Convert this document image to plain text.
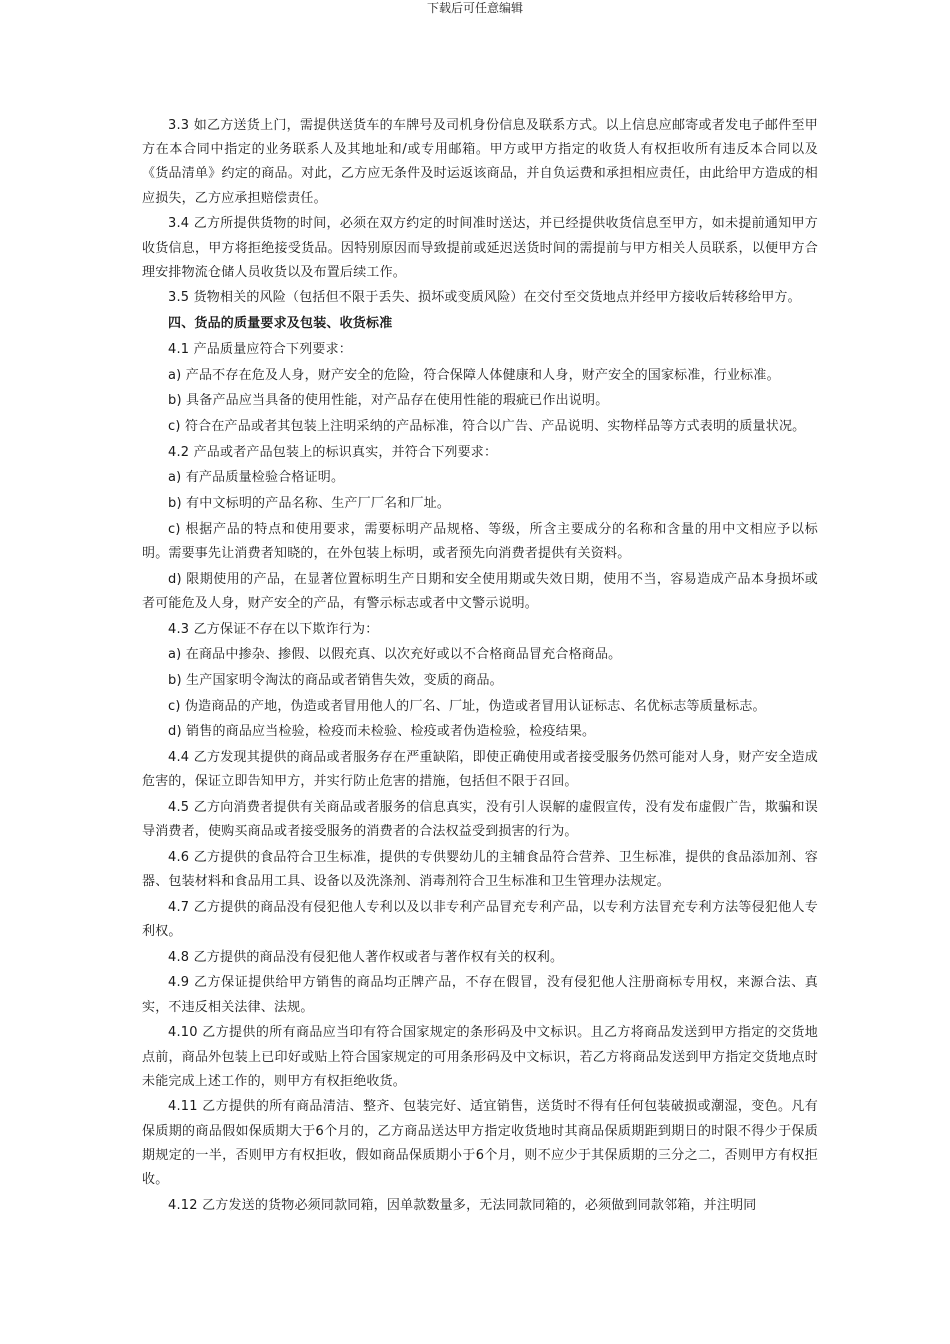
下载后可任意编辑

3.3 如乙方送货上门，需提供送货车的车牌号及司机身份信息及联系方式。以上信息应邮寄或者发电子邮件至甲方在本合同中指定的业务联系人及其地址和/或专用邮箱。甲方或甲方指定的收货人有权拒收所有违反本合同以及《货品清单》约定的商品。对此，乙方应无条件及时运返该商品，并自负运费和承担相应责任，由此给甲方造成的相应损失，乙方应承担赔偿责任。

3.4 乙方所提供货物的时间，必须在双方约定的时间准时送达，并已经提供收货信息至甲方，如未提前通知甲方收货信息，甲方将拒绝接受货品。因特别原因而导致提前或延迟送货时间的需提前与甲方相关人员联系，以便甲方合理安排物流仓储人员收货以及布置后续工作。

3.5 货物相关的风险（包括但不限于丢失、损坏或变质风险）在交付至交货地点并经甲方接收后转移给甲方。

四、货品的质量要求及包装、收货标准

4.1 产品质量应符合下列要求：

a) 产品不存在危及人身，财产安全的危险，符合保障人体健康和人身，财产安全的国家标准，行业标准。

b) 具备产品应当具备的使用性能，对产品存在使用性能的瑕疵已作出说明。

c) 符合在产品或者其包装上注明采纳的产品标准，符合以广告、产品说明、实物样品等方式表明的质量状况。

4.2 产品或者产品包装上的标识真实，并符合下列要求：

a) 有产品质量检验合格证明。

b) 有中文标明的产品名称、生产厂厂名和厂址。

c) 根据产品的特点和使用要求，需要标明产品规格、等级，所含主要成分的名称和含量的用中文相应予以标明。需要事先让消费者知晓的，在外包装上标明，或者预先向消费者提供有关资料。

d) 限期使用的产品，在显著位置标明生产日期和安全使用期或失效日期，使用不当，容易造成产品本身损坏或者可能危及人身，财产安全的产品，有警示标志或者中文警示说明。

4.3 乙方保证不存在以下欺诈行为：

a) 在商品中掺杂、掺假、以假充真、以次充好或以不合格商品冒充合格商品。

b) 生产国家明令淘汰的商品或者销售失效，变质的商品。

c) 伪造商品的产地，伪造或者冒用他人的厂名、厂址，伪造或者冒用认证标志、名优标志等质量标志。

d) 销售的商品应当检验，检疫而未检验、检疫或者伪造检验，检疫结果。

4.4 乙方发现其提供的商品或者服务存在严重缺陷，即使正确使用或者接受服务仍然可能对人身，财产安全造成危害的，保证立即告知甲方，并实行防止危害的措施，包括但不限于召回。

4.5 乙方向消费者提供有关商品或者服务的信息真实，没有引人误解的虚假宣传，没有发布虚假广告，欺骗和误导消费者，使购买商品或者接受服务的消费者的合法权益受到损害的行为。

4.6 乙方提供的食品符合卫生标准，提供的专供婴幼儿的主辅食品符合营养、卫生标准，提供的食品添加剂、容器、包装材料和食品用工具、设备以及洗涤剂、消毒剂符合卫生标准和卫生管理办法规定。

4.7 乙方提供的商品没有侵犯他人专利以及以非专利产品冒充专利产品，以专利方法冒充专利方法等侵犯他人专利权。

4.8 乙方提供的商品没有侵犯他人著作权或者与著作权有关的权利。

4.9 乙方保证提供给甲方销售的商品均正牌产品，不存在假冒，没有侵犯他人注册商标专用权，来源合法、真实，不违反相关法律、法规。

4.10 乙方提供的所有商品应当印有符合国家规定的条形码及中文标识。且乙方将商品发送到甲方指定的交货地点前，商品外包装上已印好或贴上符合国家规定的可用条形码及中文标识，若乙方将商品发送到甲方指定交货地点时未能完成上述工作的，则甲方有权拒绝收货。

4.11 乙方提供的所有商品清洁、整齐、包装完好、适宜销售，送货时不得有任何包装破损或潮湿，变色。凡有保质期的商品假如保质期大于6个月的，乙方商品送达甲方指定收货地时其商品保质期距到期日的时限不得少于保质期规定的一半，否则甲方有权拒收，假如商品保质期小于6个月，则不应少于其保质期的三分之二，否则甲方有权拒收。

4.12 乙方发送的货物必须同款同箱，因单款数量多，无法同款同箱的，必须做到同款邻箱，并注明同
